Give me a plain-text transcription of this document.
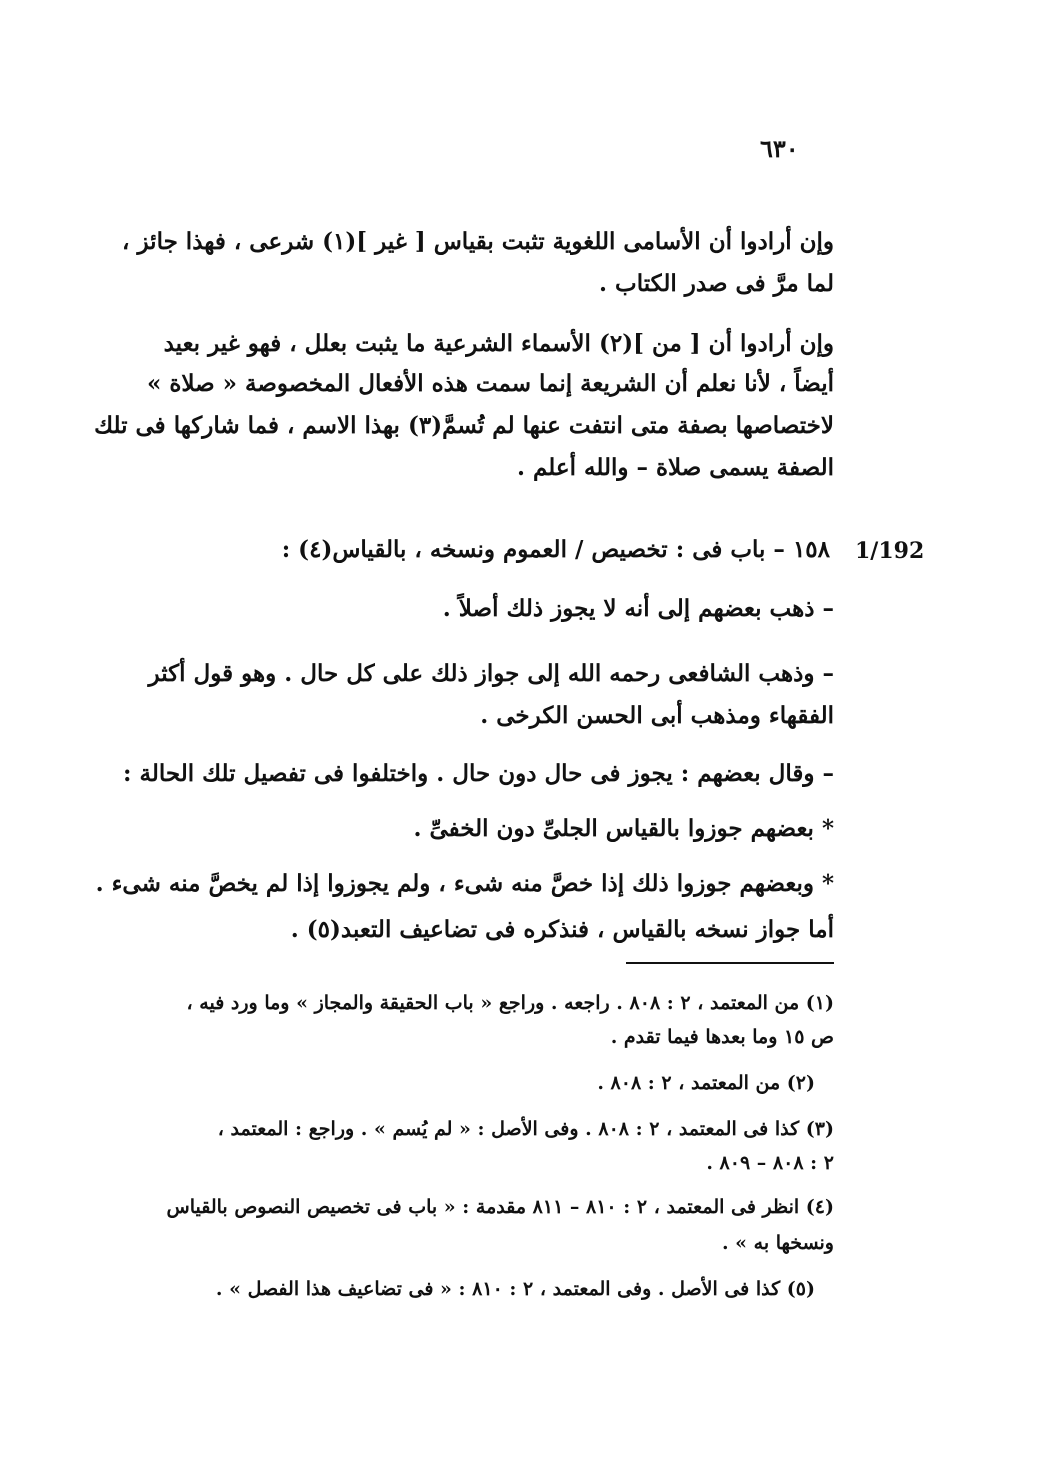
٦٣٠
وإن أرادوا أن الأسامى اللغوية تثبت بقياس [ غير ](١) شرعى ، فهذا جائز ،
لما مرَّ فى صدر الكتاب .
وإن أرادوا أن [ من ](٢) الأسماء الشرعية ما يثبت بعلل ، فهو غير بعيد
أيضاً ، لأنا نعلم أن الشريعة إنما سمت هذه الأفعال المخصوصة « صلاة »
لاختصاصها بصفة متى انتفت عنها لم تُسمَّ(٣) بهذا الاسم ، فما شاركها فى تلك
الصفة يسمى صلاة – والله أعلم .
1/192
١٥٨ – باب فى : تخصيص / العموم ونسخه ، بالقياس(٤) :
– ذهب بعضهم إلى أنه لا يجوز ذلك أصلاً .
– وذهب الشافعى رحمه الله إلى جواز ذلك على كل حال . وهو قول أكثر
الفقهاء ومذهب أبى الحسن الكرخى .
– وقال بعضهم : يجوز فى حال دون حال . واختلفوا فى تفصيل تلك الحالة :
* بعضهم جوزوا بالقياس الجلىِّ دون الخفىِّ .
* وبعضهم جوزوا ذلك إذا خصَّ منه شىء ، ولم يجوزوا إذا لم يخصَّ منه شىء .
أما جواز نسخه بالقياس ، فنذكره فى تضاعيف التعبد(٥) .
(١) من المعتمد ، ٢ : ٨٠٨ . راجعه . وراجع « باب الحقيقة والمجاز » وما ورد فيه ،
ص ١٥ وما بعدها فيما تقدم .
(٢) من المعتمد ، ٢ : ٨٠٨ .
(٣) كذا فى المعتمد ، ٢ : ٨٠٨ . وفى الأصل : « لم يُسم » . وراجع : المعتمد ،
٢ : ٨٠٨ – ٨٠٩ .
(٤) انظر فى المعتمد ، ٢ : ٨١٠ – ٨١١ مقدمة : « باب فى تخصيص النصوص بالقياس
ونسخها به » .
(٥) كذا فى الأصل . وفى المعتمد ، ٢ : ٨١٠ : « فى تضاعيف هذا الفصل » .
